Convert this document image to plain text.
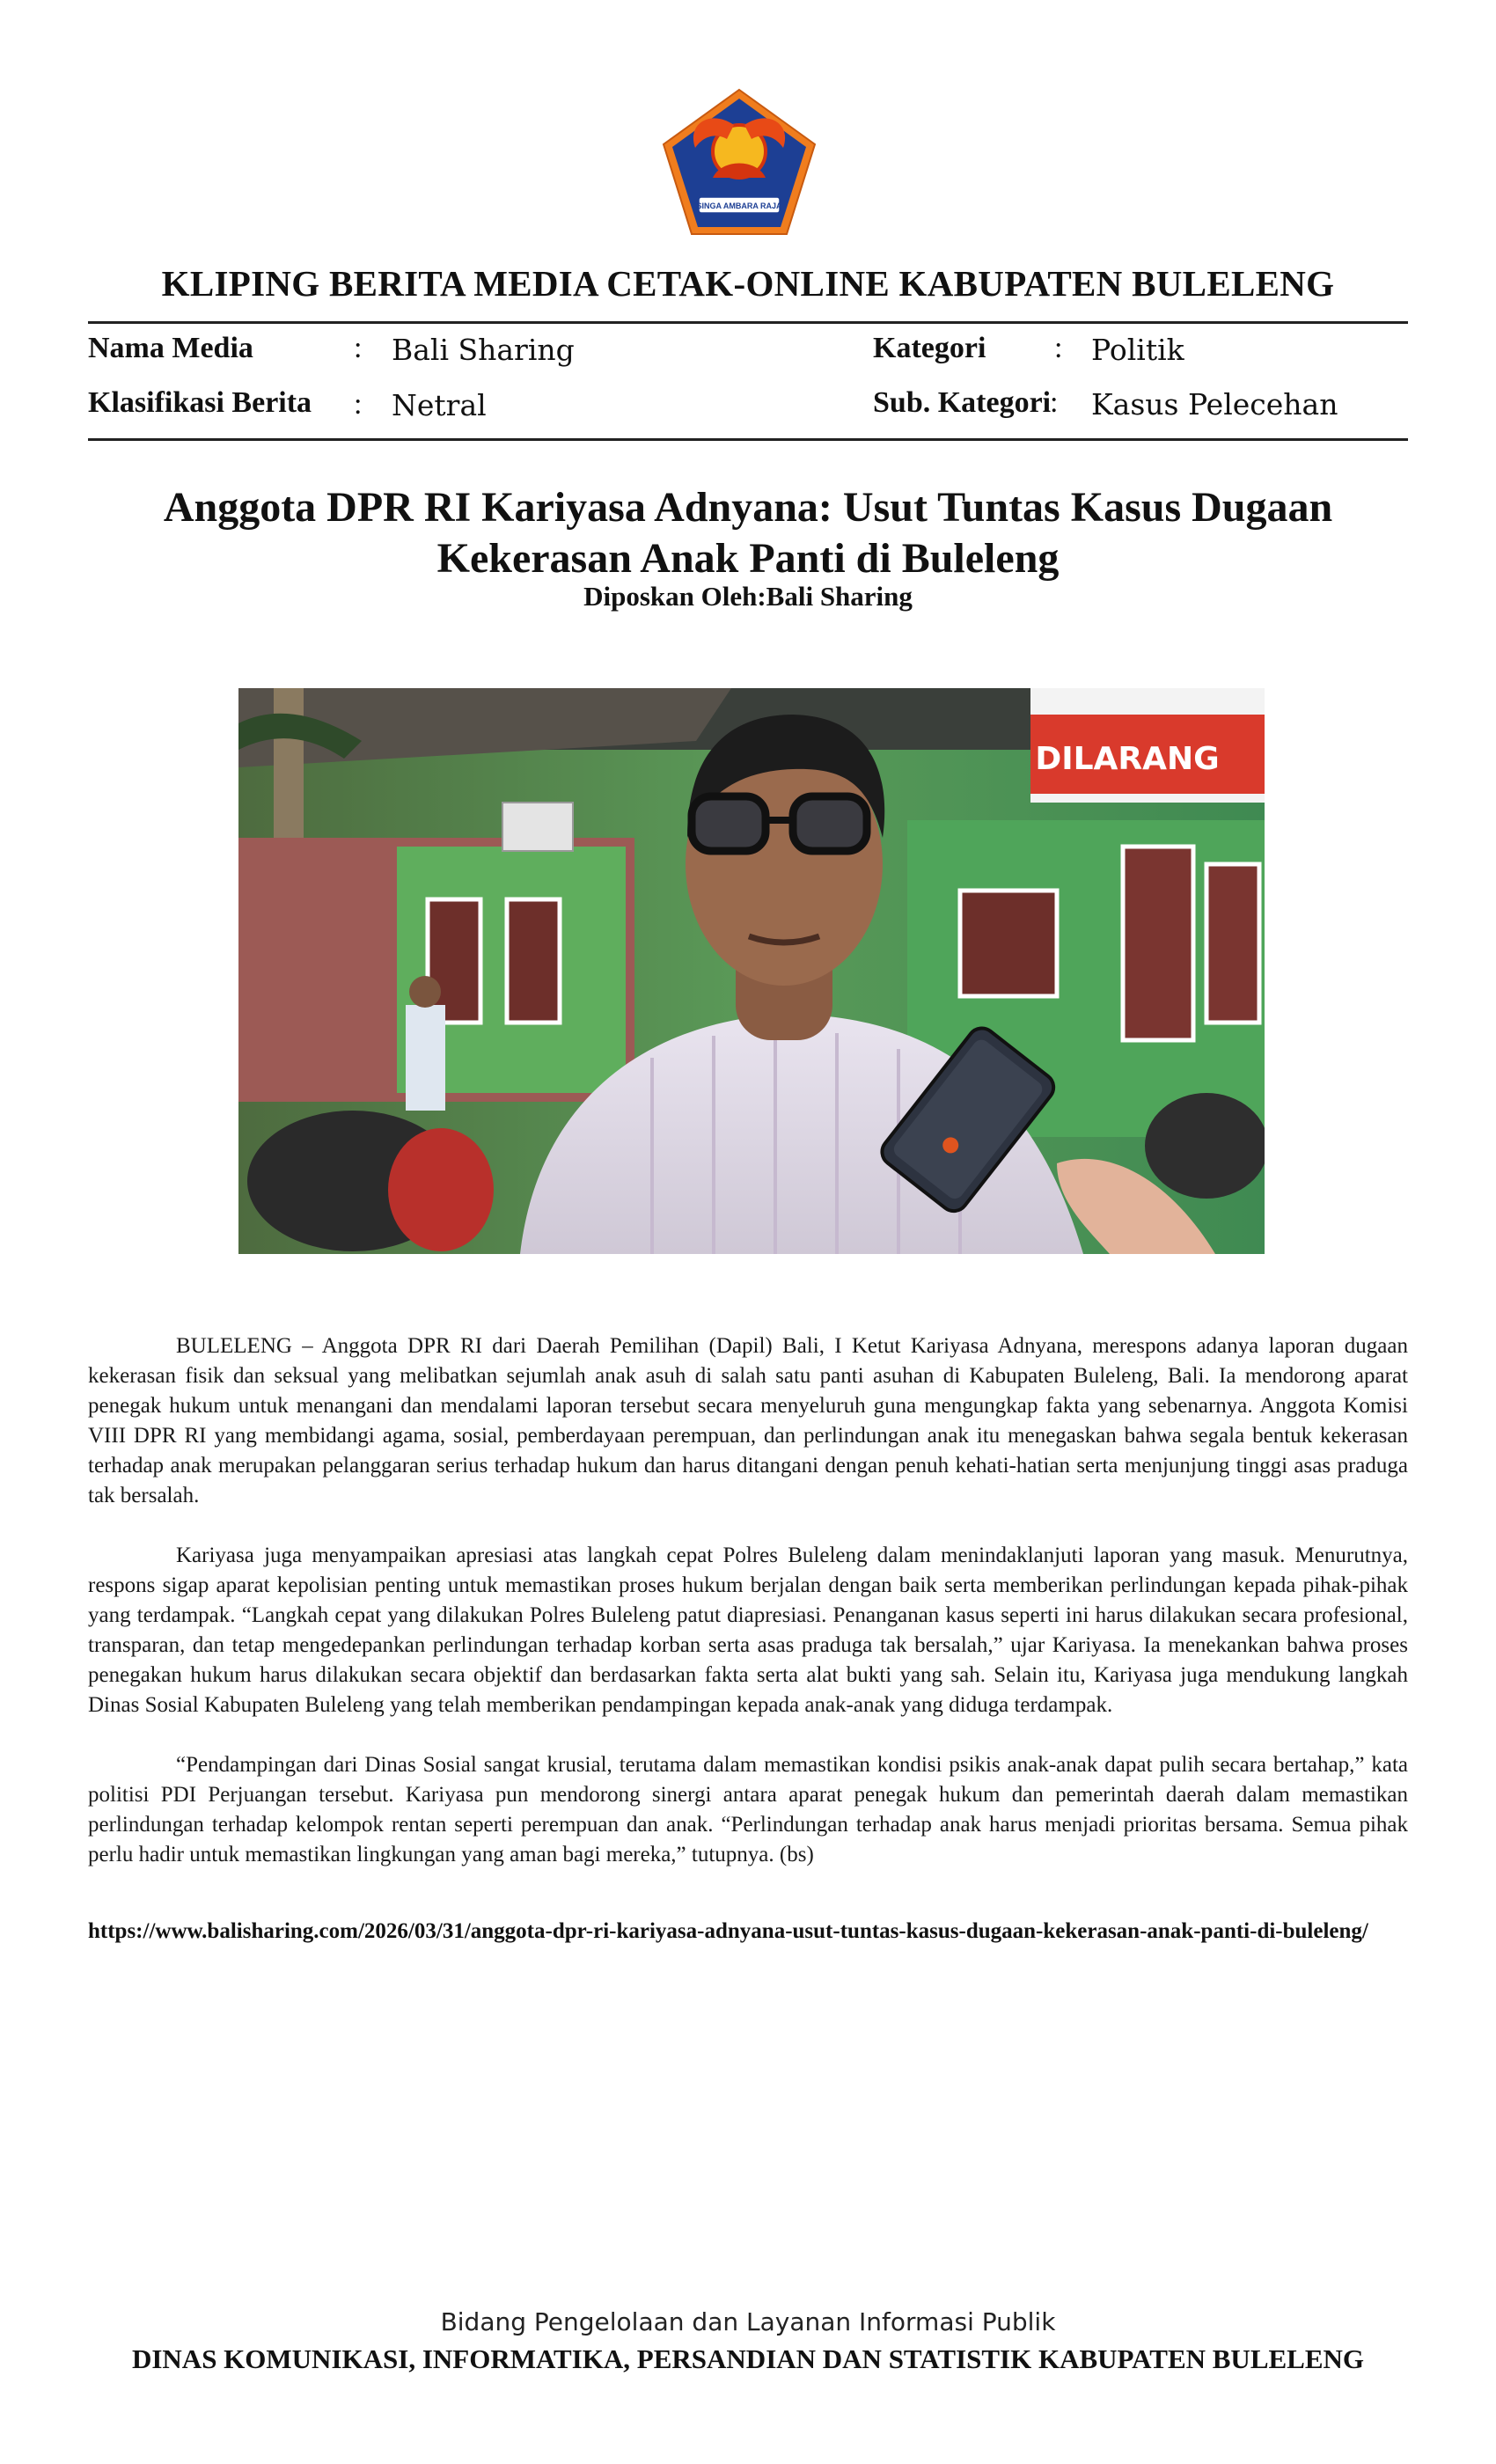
SINGA AMBARA RAJA
KLIPING BERITA MEDIA CETAK-ONLINE KABUPATEN BULELENG
Nama Media	: Bali Sharing
Klasifikasi Berita : Netral
Kategori : Politik
Sub. Kategori
: Kasus Pelecehan
Anggota DPR RI Kariyasa Adnyana: Usut Tuntas Kasus Dugaan Kekerasan Anak Panti di Buleleng
Diposkan Oleh:Bali Sharing
DILARANG

BULELENG – Anggota DPR RI dari Daerah Pemilihan (Dapil) Bali, I Ketut Kariyasa Adnyana, merespons adanya laporan dugaan kekerasan fisik dan seksual yang melibatkan sejumlah anak asuh di salah satu panti asuhan di Kabupaten Buleleng, Bali. Ia mendorong aparat penegak hukum untuk menangani dan mendalami laporan tersebut secara menyeluruh guna mengungkap fakta yang sebenarnya. Anggota Komisi VIII DPR RI yang membidangi agama, sosial, pemberdayaan perempuan, dan perlindungan anak itu menegaskan bahwa segala bentuk kekerasan terhadap anak merupakan pelanggaran serius terhadap hukum dan harus ditangani dengan penuh kehati-hatian serta menjunjung tinggi asas praduga tak bersalah.

Kariyasa juga menyampaikan apresiasi atas langkah cepat Polres Buleleng dalam menindaklanjuti laporan yang masuk. Menurutnya, respons sigap aparat kepolisian penting untuk memastikan proses hukum berjalan dengan baik serta memberikan perlindungan kepada pihak-pihak yang terdampak. “Langkah cepat yang dilakukan Polres Buleleng patut diapresiasi. Penanganan kasus seperti ini harus dilakukan secara profesional, transparan, dan tetap mengedepankan perlindungan terhadap korban serta asas praduga tak bersalah,” ujar Kariyasa. Ia menekankan bahwa proses penegakan hukum harus dilakukan secara objektif dan berdasarkan fakta serta alat bukti yang sah. Selain itu, Kariyasa juga mendukung langkah Dinas Sosial Kabupaten Buleleng yang telah memberikan pendampingan kepada anak-anak yang diduga terdampak.

“Pendampingan dari Dinas Sosial sangat krusial, terutama dalam memastikan kondisi psikis anak-anak dapat pulih secara bertahap,” kata politisi PDI Perjuangan tersebut. Kariyasa pun mendorong sinergi antara aparat penegak hukum dan pemerintah daerah dalam memastikan perlindungan terhadap kelompok rentan seperti perempuan dan anak. “Perlindungan terhadap anak harus menjadi prioritas bersama. Semua pihak perlu hadir untuk memastikan lingkungan yang aman bagi mereka,” tutupnya. (bs)

https://www.balisharing.com/2026/03/31/anggota-dpr-ri-kariyasa-adnyana-usut-tuntas-kasus-dugaan-kekerasan-anak-panti-di-buleleng/
Bidang Pengelolaan dan Layanan Informasi Publik
DINAS KOMUNIKASI, INFORMATIKA, PERSANDIAN DAN STATISTIK KABUPATEN BULELENG
